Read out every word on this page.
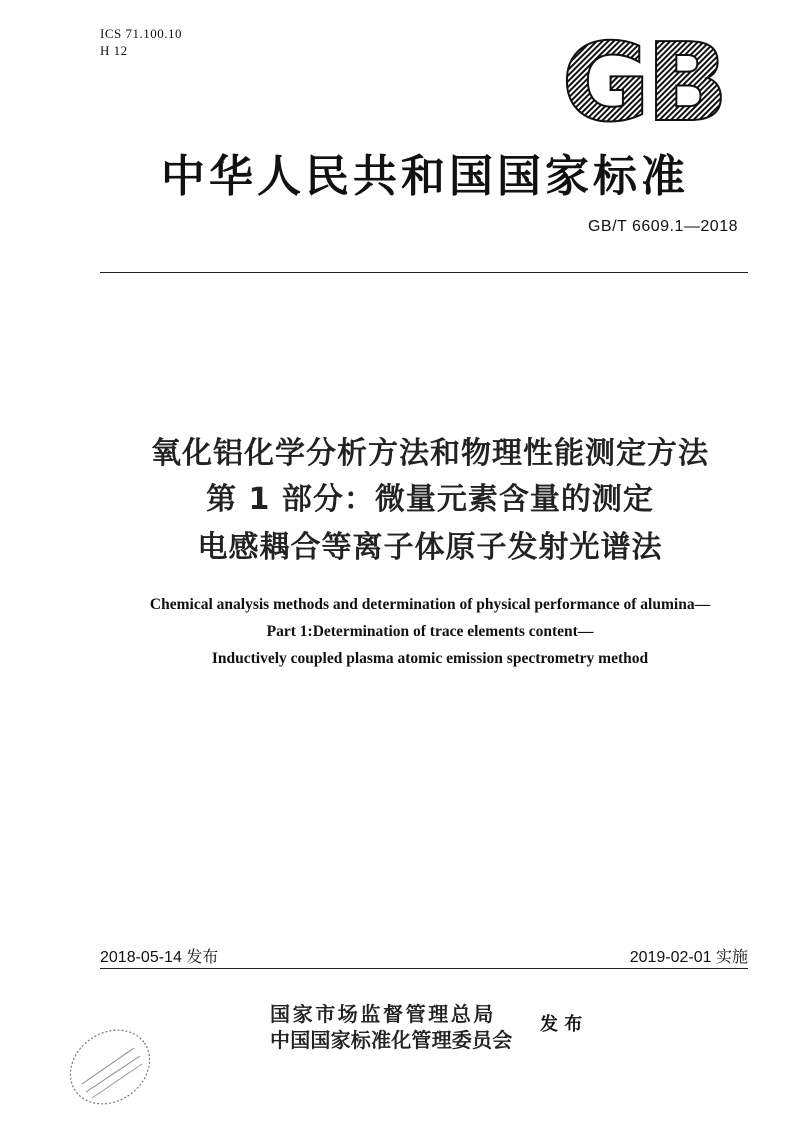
ICS 71.100.10
H 12	GB
中华人民共和国国家标准
GB/T 6609.1—2018
氧化铝化学分析方法和物理性能测定方法
第 1 部分：微量元素含量的测定
电感耦合等离子体原子发射光谱法
Chemical analysis methods and determination of physical performance of alumina—
Part 1:Determination of trace elements content—
Inductively coupled plasma atomic emission spectrometry method
2018-05-14 发布	2019-02-01 实施
国家市场监督管理总局
中国国家标准化管理委员会
发 布
